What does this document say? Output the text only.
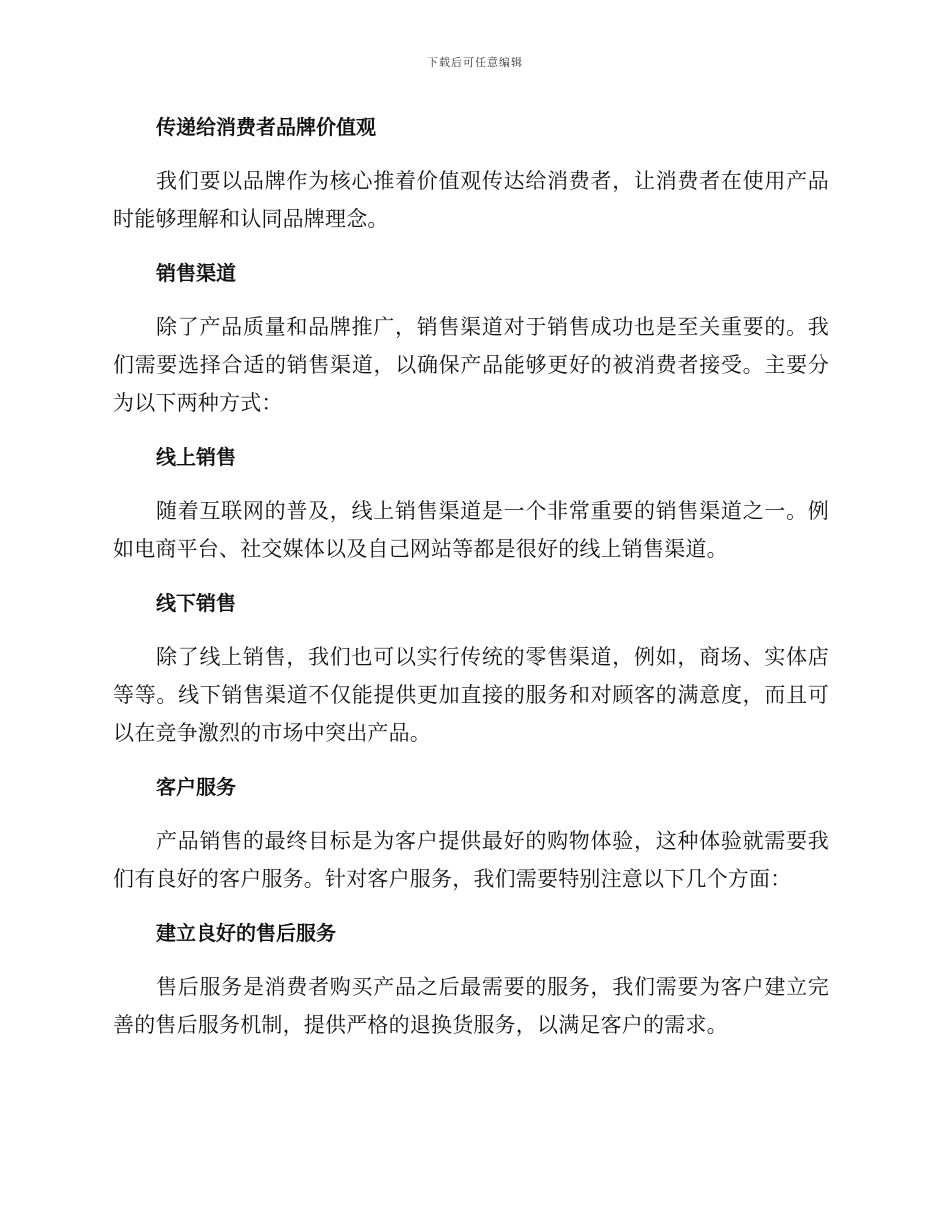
下载后可任意编辑
传递给消费者品牌价值观
我们要以品牌作为核心推着价值观传达给消费者，让消费者在使用产品时能够理解和认同品牌理念。
销售渠道
除了产品质量和品牌推广，销售渠道对于销售成功也是至关重要的。我们需要选择合适的销售渠道，以确保产品能够更好的被消费者接受。主要分为以下两种方式：
线上销售
随着互联网的普及，线上销售渠道是一个非常重要的销售渠道之一。例如电商平台、社交媒体以及自己网站等都是很好的线上销售渠道。
线下销售
除了线上销售，我们也可以实行传统的零售渠道，例如，商场、实体店等等。线下销售渠道不仅能提供更加直接的服务和对顾客的满意度，而且可以在竞争激烈的市场中突出产品。
客户服务
产品销售的最终目标是为客户提供最好的购物体验，这种体验就需要我们有良好的客户服务。针对客户服务，我们需要特别注意以下几个方面：
建立良好的售后服务
售后服务是消费者购买产品之后最需要的服务，我们需要为客户建立完善的售后服务机制，提供严格的退换货服务，以满足客户的需求。
